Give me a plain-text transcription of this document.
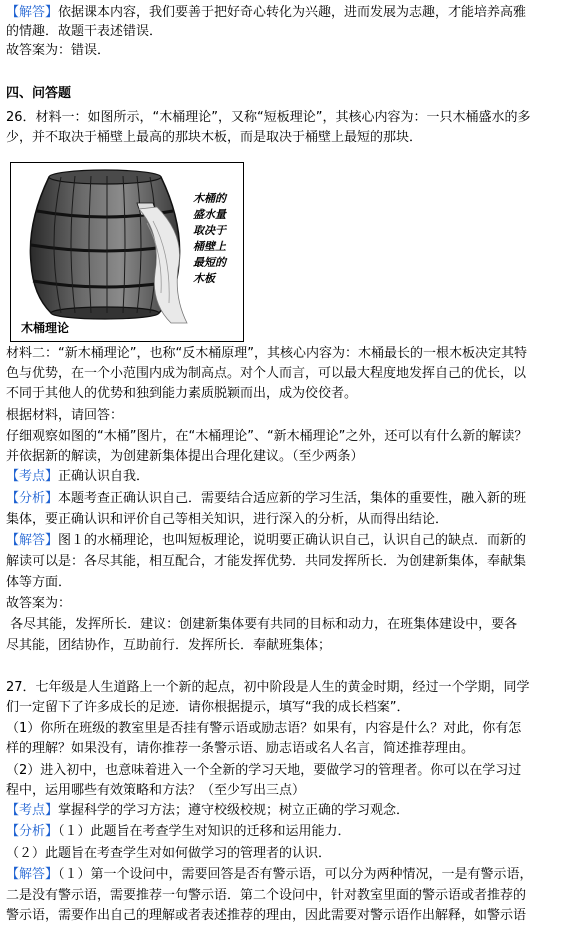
【解答】依据课本内容，我们要善于把好奇心转化为兴趣，进而发展为志趣，才能培养高雅
的情趣．故题干表述错误．
故答案为：错误．
四、问答题
26．材料一：如图所示，“木桶理论”，又称“短板理论”，其核心内容为：一只木桶盛水的多
少，并不取决于桶壁上最高的那块木板，而是取决于桶壁上最短的那块．
木桶的
盛水量
取决于
桶壁上
最短的
木板
木桶理论
材料二：“新木桶理论”，也称“反木桶原理”，其核心内容为：木桶最长的一根木板决定其特
色与优势，在一个小范围内成为制高点。对个人而言，可以最大程度地发挥自己的优长，以
不同于其他人的优势和独到能力素质脱颖而出，成为佼佼者。
根据材料，请回答：
仔细观察如图的“木桶”图片，在“木桶理论”、“新木桶理论”之外，还可以有什么新的解读？
并依据新的解读，为创建新集体提出合理化建议。（至少两条）
【考点】正确认识自我．
【分析】本题考查正确认识自己．需要结合适应新的学习生活，集体的重要性，融入新的班
集体，要正确认识和评价自己等相关知识，进行深入的分析，从而得出结论．
【解答】图１的水桶理论，也叫短板理论，说明要正确认识自己，认识自己的缺点．而新的
解读可以是：各尽其能，相互配合，才能发挥优势．共同发挥所长．为创建新集体，奉献集
体等方面．
故答案为：
各尽其能，发挥所长．建议：创建新集体要有共同的目标和动力，在班集体建设中，要各
尽其能，团结协作，互助前行．发挥所长．奉献班集体；
27．七年级是人生道路上一个新的起点，初中阶段是人生的黄金时期，经过一个学期，同学
们一定留下了许多成长的足迹．请你根据提示，填写“我的成长档案”．
（1）你所在班级的教室里是否挂有警示语或励志语？如果有，内容是什么？对此，你有怎
样的理解？如果没有，请你推荐一条警示语、励志语或名人名言，简述推荐理由。
（2）进入初中，也意味着进入一个全新的学习天地，要做学习的管理者。你可以在学习过
程中，运用哪些有效策略和方法？（至少写出三点）
【考点】掌握科学的学习方法；遵守校级校规；树立正确的学习观念．
【分析】（１）此题旨在考查学生对知识的迁移和运用能力．
（２）此题旨在考查学生对如何做学习的管理者的认识．
【解答】（１）第一个设问中，需要回答是否有警示语，可以分为两种情况，一是有警示语，
二是没有警示语，需要推荐一句警示语．第二个设问中，针对教室里面的警示语或者推荐的
警示语，需要作出自己的理解或者表述推荐的理由，因此需要对警示语作出解释，如警示语
